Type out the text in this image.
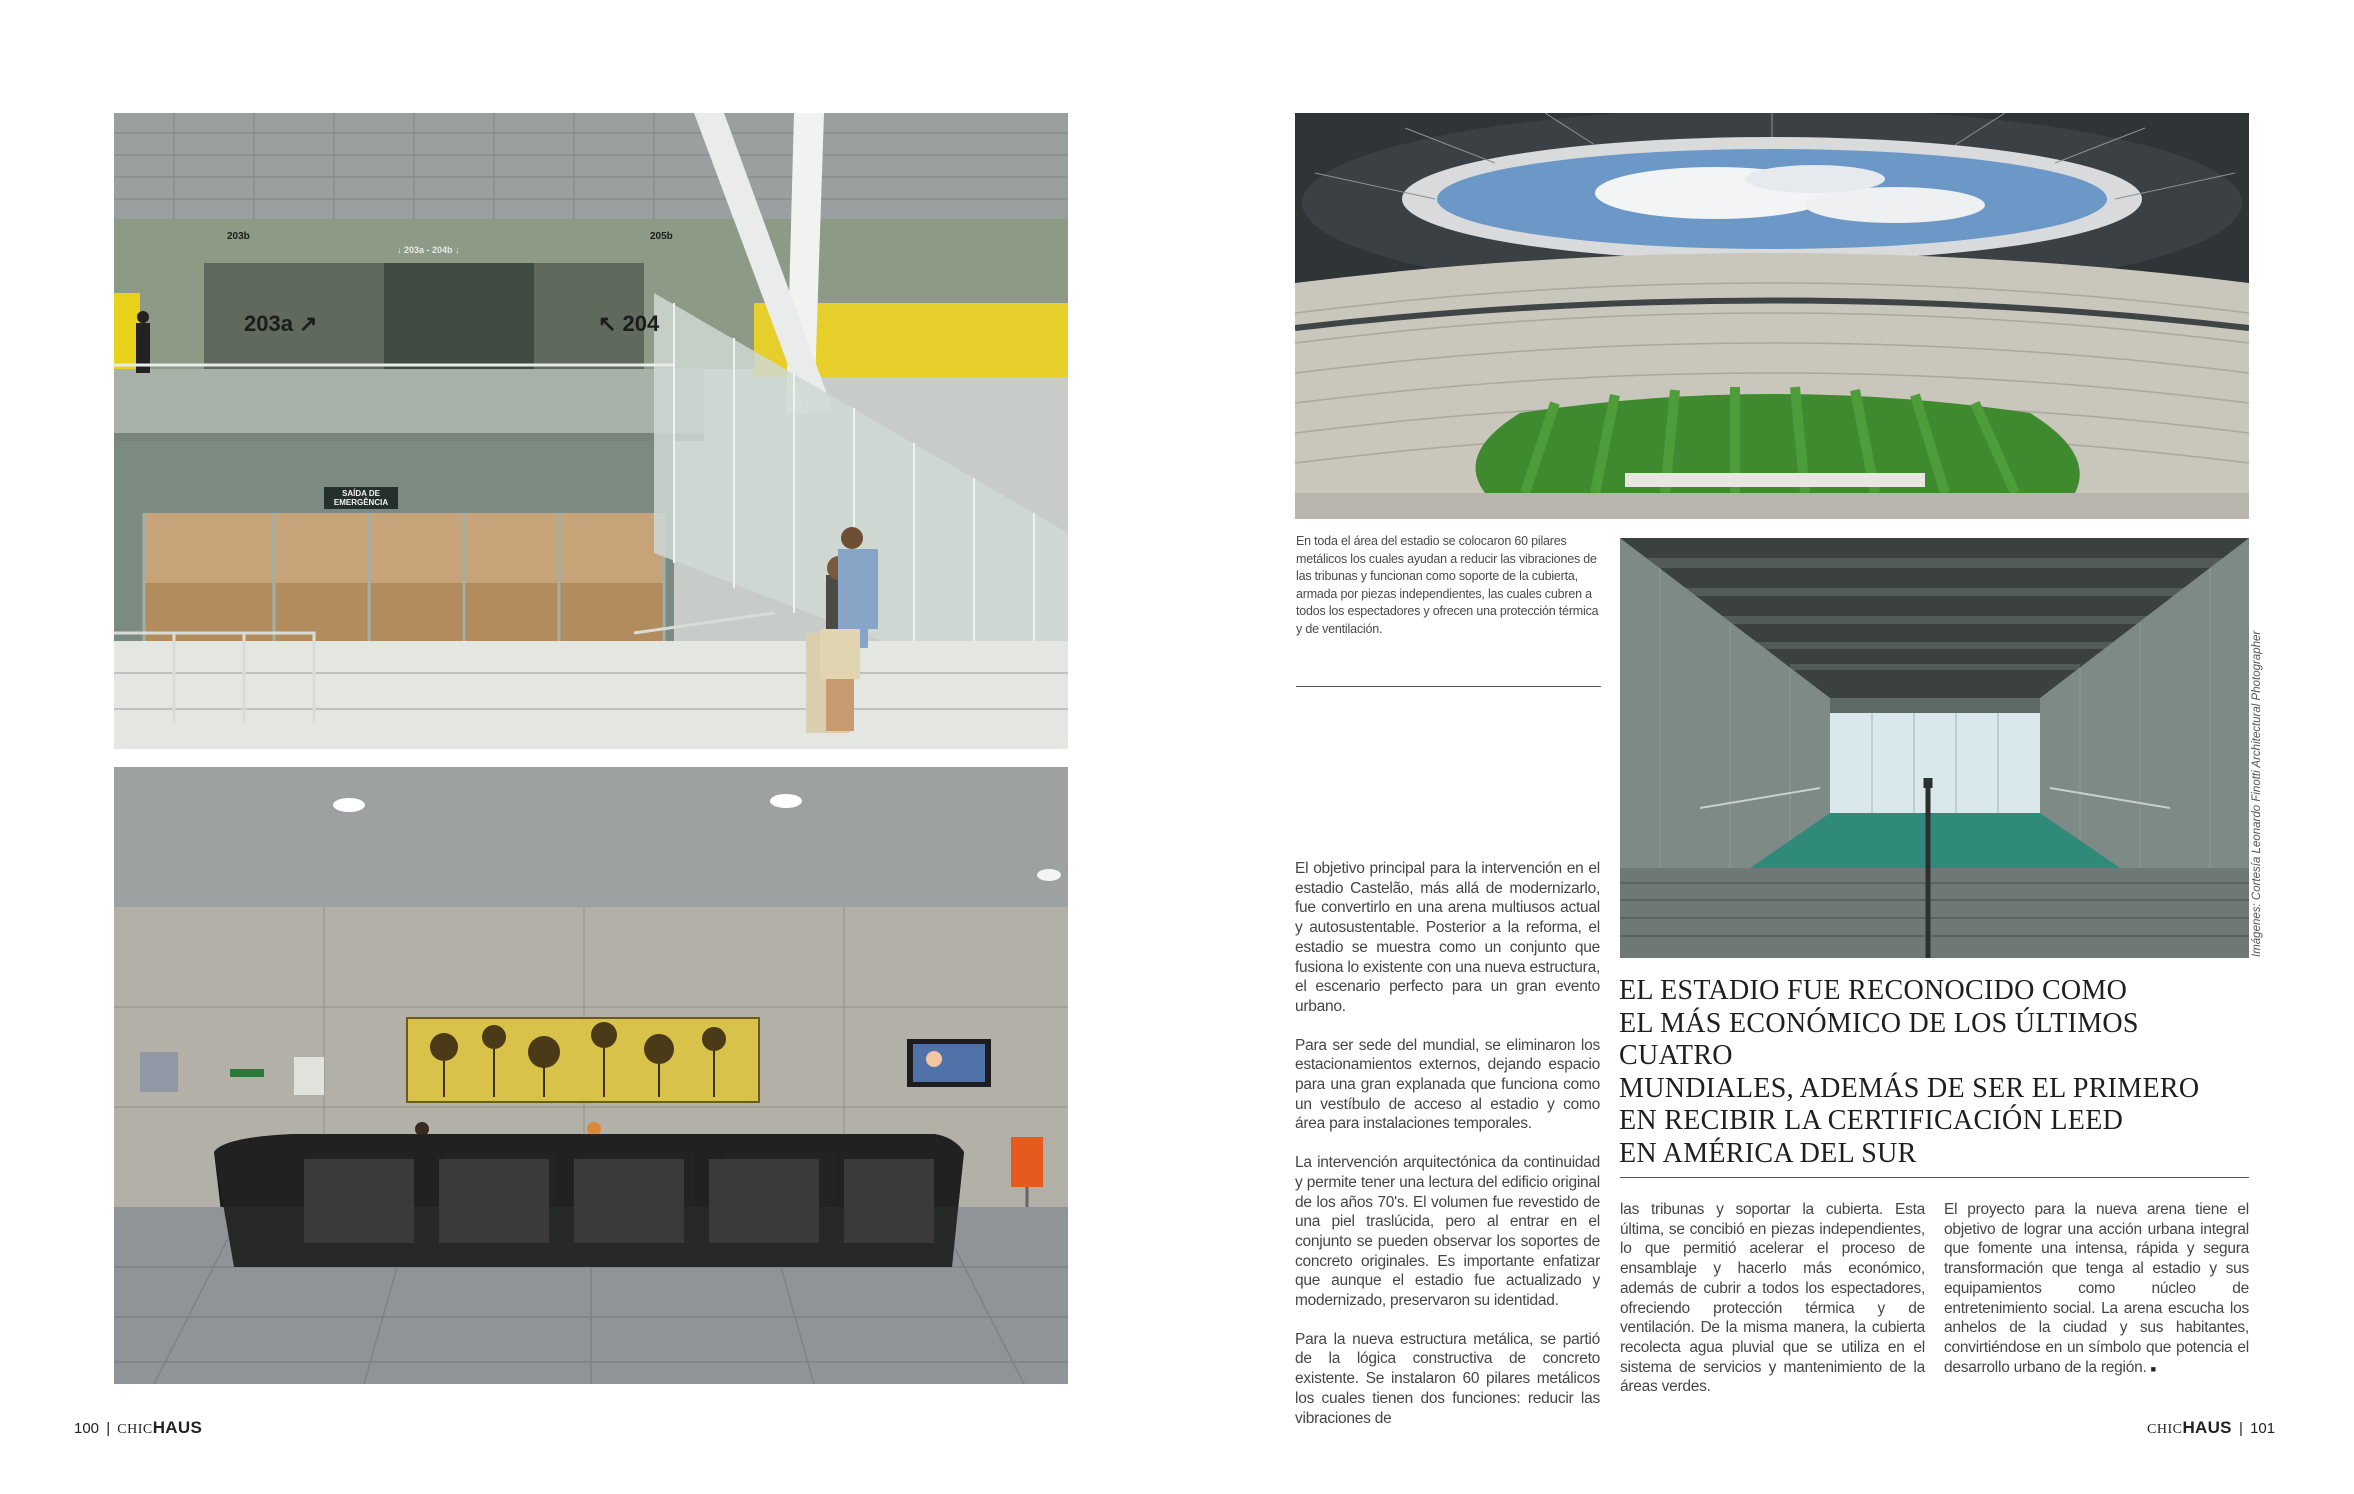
203b	205b
↓ 203a - 204b ↓
203a ↗	↖ 204
SAÍDA DE EMERGÊNCIA
100 | CHICHAUS
En toda el área del estadio se colocaron 60 pilares metálicos los cuales ayudan a reducir las vibraciones de las tribunas y funcionan como soporte de la cubierta, armada por piezas independientes, las cuales cubren a todos los espectadores y ofrecen una protección térmica y de ventilación.
Imágenes: Cortesía Leonardo Finotti Architectural Photographer
EL ESTADIO FUE RECONOCIDO COMO
EL MÁS ECONÓMICO DE LOS ÚLTIMOS CUATRO
MUNDIALES, ADEMÁS DE SER EL PRIMERO
EN RECIBIR LA CERTIFICACIÓN LEED
EN AMÉRICA DEL SUR

El objetivo principal para la intervención en el estadio Castelão, más allá de modernizarlo, fue convertirlo en una arena multiusos actual y autosustentable. Posterior a la reforma, el estadio se muestra como un conjunto que fusiona lo existente con una nueva estructura, el escenario perfecto para un gran evento urbano.

Para ser sede del mundial, se eliminaron los estacionamientos externos, dejando espacio para una gran explanada que funciona como un vestíbulo de acceso al estadio y como área para instalaciones temporales.

La intervención arquitectónica da continuidad y permite tener una lectura del edificio original de los años 70's. El volumen fue revestido de una piel traslúcida, pero al entrar en el conjunto se pueden observar los soportes de concreto originales. Es importante enfatizar que aunque el estadio fue actualizado y modernizado, preservaron su identidad.

Para la nueva estructura metálica, se partió de la lógica constructiva de concreto existente. Se instalaron 60 pilares metálicos los cuales tienen dos funciones: reducir las vibraciones de

las tribunas y soportar la cubierta. Esta última, se concibió en piezas independientes, lo que permitió acelerar el proceso de ensamblaje y hacerlo más económico, además de cubrir a todos los espectadores, ofreciendo protección térmica y de ventilación. De la misma manera, la cubierta recolecta agua pluvial que se utiliza en el sistema de servicios y mantenimiento de la áreas verdes.

El proyecto para la nueva arena tiene el objetivo de lograr una acción urbana integral que fomente una intensa, rápida y segura transformación que tenga al estadio y sus equipamientos como núcleo de entretenimiento social. La arena escucha los anhelos de la ciudad y sus habitantes, convirtiéndose en un símbolo que potencia el desarrollo urbano de la región. ■

CHICHAUS | 101
